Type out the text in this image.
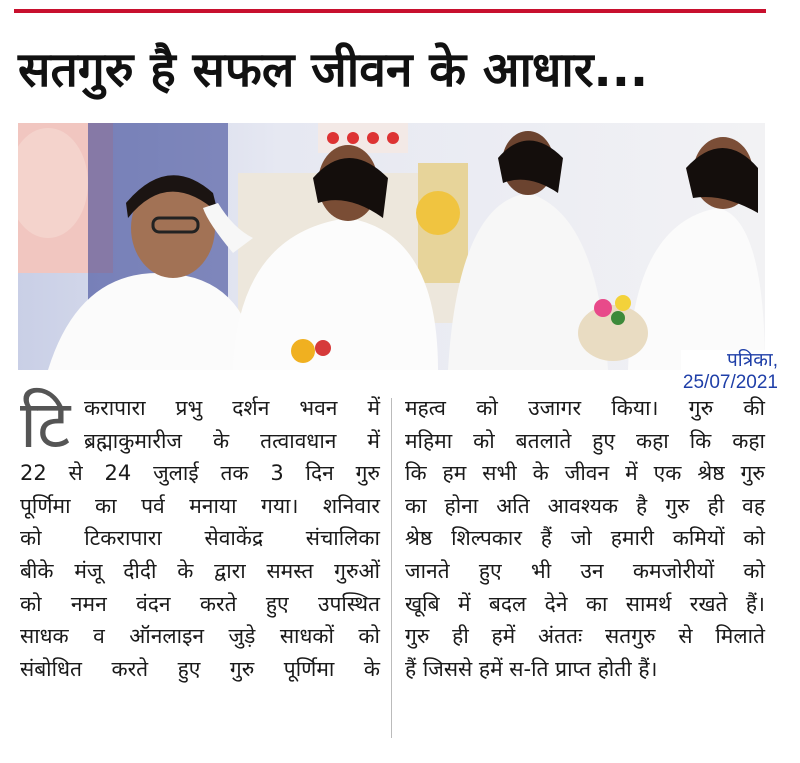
सतगुरु है सफल जीवन के आधार...
पत्रिका,
25/07/2021
टि करापारा प्रभु दर्शन भवन में
ब्रह्माकुमारीज के तत्वावधान में
22 से 24 जुलाई तक 3 दिन गुरु
पूर्णिमा का पर्व मनाया गया। शनिवार
को टिकरापारा सेवाकेंद्र संचालिका
बीके मंजू दीदी के द्वारा समस्त गुरुओं
को नमन वंदन करते हुए उपस्थित
साधक व ऑनलाइन जुड़े साधकों को
संबोधित करते हुए गुरु पूर्णिमा के
महत्व को उजागर किया। गुरु की
महिमा को बतलाते हुए कहा कि कहा
कि हम सभी के जीवन में एक श्रेष्ठ गुरु
का होना अति आवश्यक है गुरु ही वह
श्रेष्ठ शिल्पकार हैं जो हमारी कमियों को
जानते हुए भी उन कमजोरीयों को
खूबि में बदल देने का सामर्थ रखते हैं।
गुरु ही हमें अंततः सतगुरु से मिलाते
हैं जिससे हमें स-ति प्राप्त होती हैं।
